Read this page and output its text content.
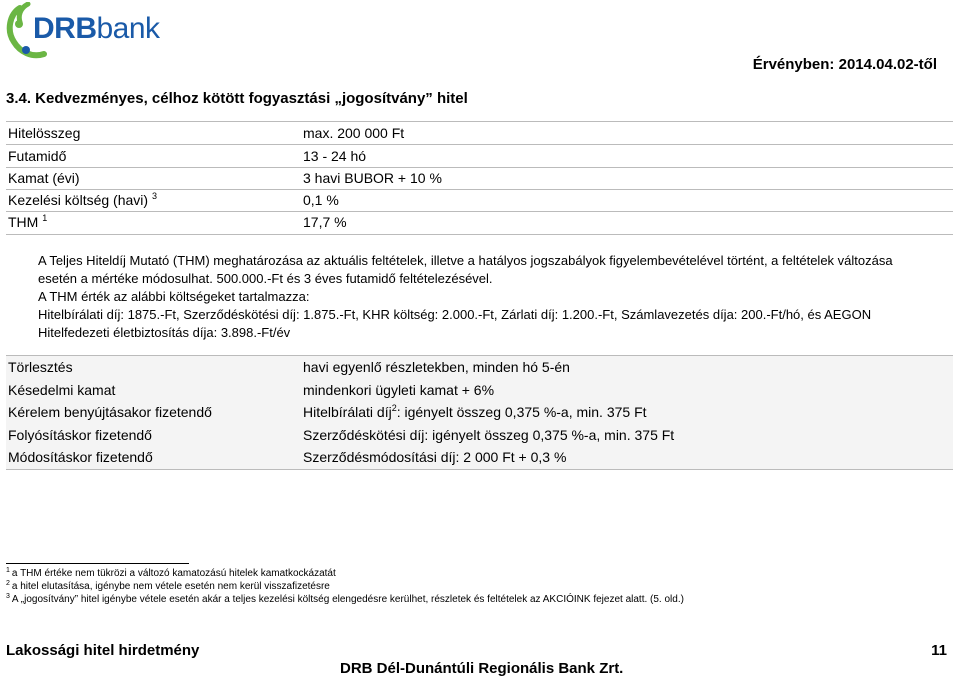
DRBbank
Érvényben: 2014.04.02-től
3.4. Kedvezményes, célhoz kötött fogyasztási „jogosítvány” hitel
Hitelösszeg	max. 200 000 Ft
Futamidő	13 - 24 hó
Kamat (évi)	3 havi BUBOR + 10 %
Kezelési költség (havi) $^3$	0,1 %
THM $^1$	17,7 %

A Teljes Hiteldíj Mutató (THM) meghatározása az aktuális feltételek, illetve a hatályos jogszabályok figyelembevételével történt, a feltételek változása esetén a mértéke módosulhat. 500.000.-Ft és 3 éves futamidő feltételezésével.

A THM érték az alábbi költségeket tartalmazza:

Hitelbírálati díj: 1875.-Ft, Szerződéskötési díj: 1.875.-Ft, KHR költség: 2.000.-Ft, Zárlati díj: 1.200.-Ft, Számlavezetés díja: 200.-Ft/hó, és AEGON Hitelfedezeti életbiztosítás díja: 3.898.-Ft/év

Törlesztés	havi egyenlő részletekben, minden hó 5-én
Késedelmi kamat	mindenkori ügyleti kamat + 6%
Kérelem benyújtásakor fizetendő	Hitelbírálati díj$^2$: igényelt összeg 0,375 %-a, min. 375 Ft
Folyósításkor fizetendő	Szerződéskötési díj: igényelt összeg 0,375 %-a, min. 375 Ft
Módosításkor fizetendő	Szerződésmódosítási díj: 2 000 Ft + 0,3 %
$^1$ a THM értéke nem tükrözi a változó kamatozású hitelek kamatkockázatát
$^2$ a hitel elutasítása, igénybe nem vétele esetén nem kerül visszafizetésre
$^3$ A „jogosítvány” hitel igénybe vétele esetén akár a teljes kezelési költség elengedésre kerülhet, részletek és feltételek az AKCIÓINK fejezet alatt. (5. old.)
Lakossági hitel hirdetmény	11
DRB Dél-Dunántúli Regionális Bank Zrt.
